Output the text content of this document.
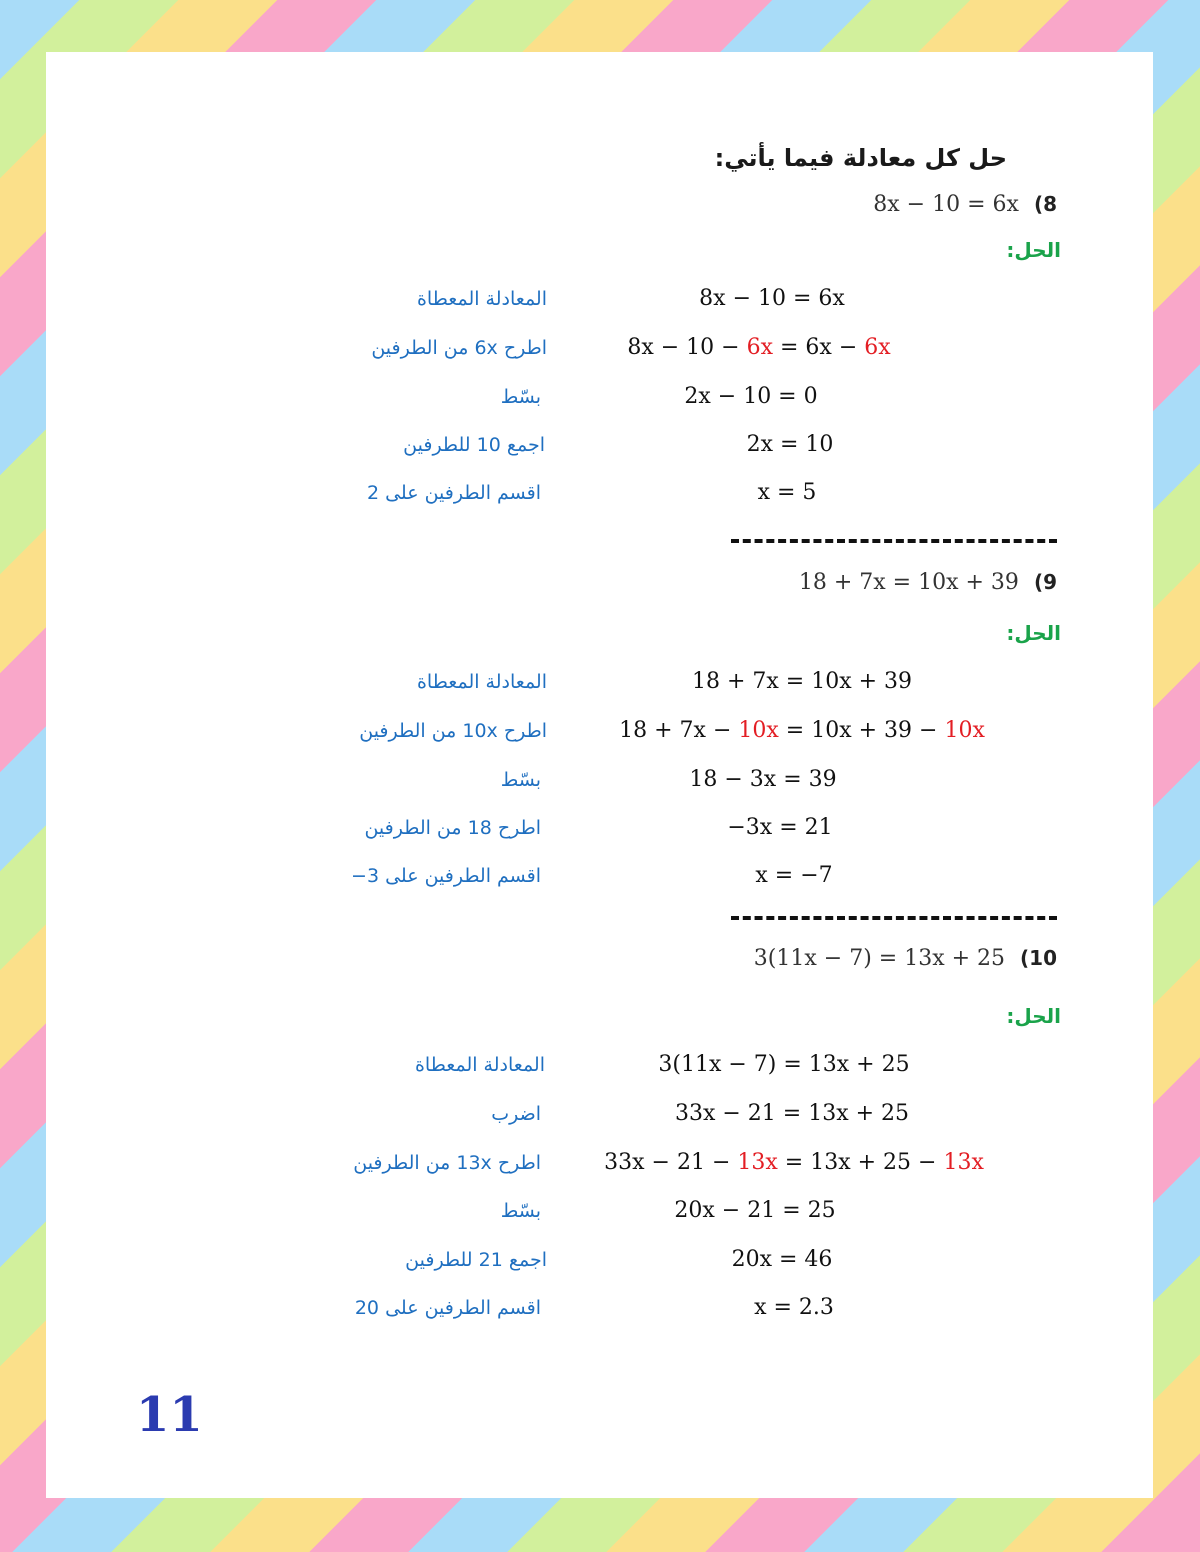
حل كل معادلة فيما يأتي:
8x − 10 = 6x (8
الحل:
المعادلة المعطاة	8x − 10 = 6x
اطرح 6x من الطرفين	8x − 10 − 6x = 6x − 6x
بسّط	2x − 10 = 0
اجمع 10 للطرفين	2x = 10
اقسم الطرفين على 2	x = 5
18 + 7x = 10x + 39 (9
الحل:
المعادلة المعطاة	18 + 7x = 10x + 39
اطرح 10x من الطرفين	18 + 7x − 10x = 10x + 39 − 10x
بسّط	18 − 3x = 39
اطرح 18 من الطرفين	−3x = 21
اقسم الطرفين على 3−	x = −7
3(11x − 7) = 13x + 25 (10
الحل:
المعادلة المعطاة	3(11x − 7) = 13x + 25
اضرب	33x − 21 = 13x + 25
اطرح 13x من الطرفين	33x − 21 − 13x = 13x + 25 − 13x
بسّط	20x − 21 = 25
اجمع 21 للطرفين	20x = 46
اقسم الطرفين على 20	x = 2.3
11
